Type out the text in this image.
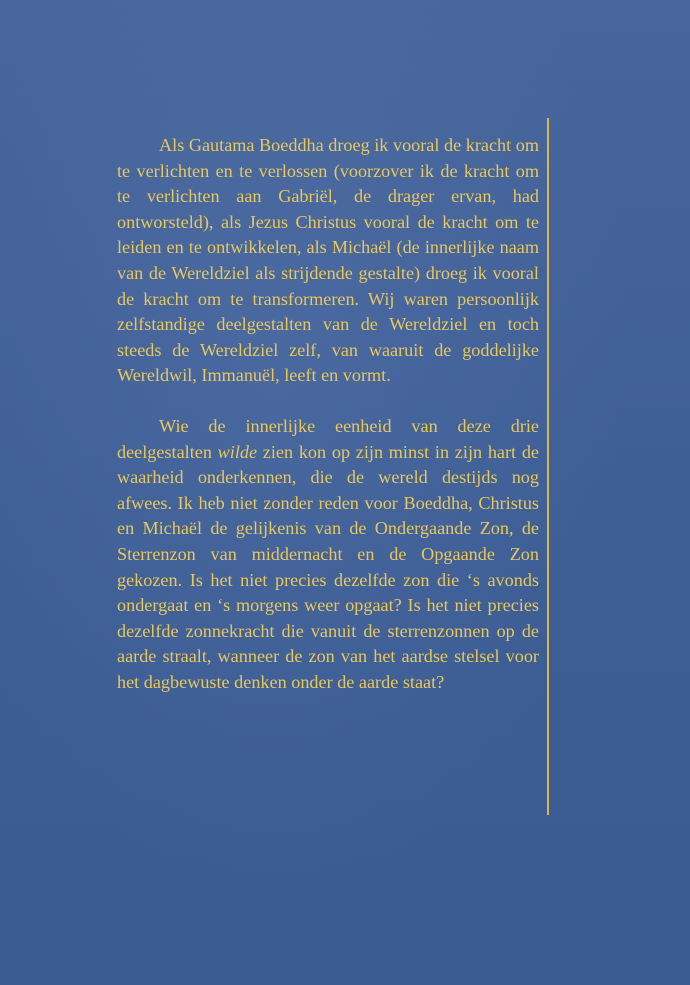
Als Gautama Boeddha droeg ik vooral de kracht om te verlichten en te verlossen (voorzover ik de kracht om te verlichten aan Gabriël, de drager ervan, had ontworsteld), als Jezus Christus vooral de kracht om te leiden en te ontwikkelen, als Michaël (de innerlijke naam van de Wereldziel als strijdende gestalte) droeg ik vooral de kracht om te transformeren. Wij waren persoonlijk zelfstandige deelgestalten van de Wereldziel en toch steeds de Wereldziel zelf, van waaruit de goddelijke Wereldwil, Immanuël, leeft en vormt.

Wie de innerlijke eenheid van deze drie deelgestalten wilde zien kon op zijn minst in zijn hart de waarheid onderkennen, die de wereld destijds nog afwees. Ik heb niet zonder reden voor Boeddha, Christus en Michaël de gelijkenis van de Ondergaande Zon, de Sterrenzon van middernacht en de Opgaande Zon gekozen. Is het niet precies dezelfde zon die ‘s avonds ondergaat en ‘s morgens weer opgaat? Is het niet precies dezelfde zonnekracht die vanuit de sterrenzonnen op de aarde straalt, wanneer de zon van het aardse stelsel voor het dagbewuste denken onder de aarde staat?
